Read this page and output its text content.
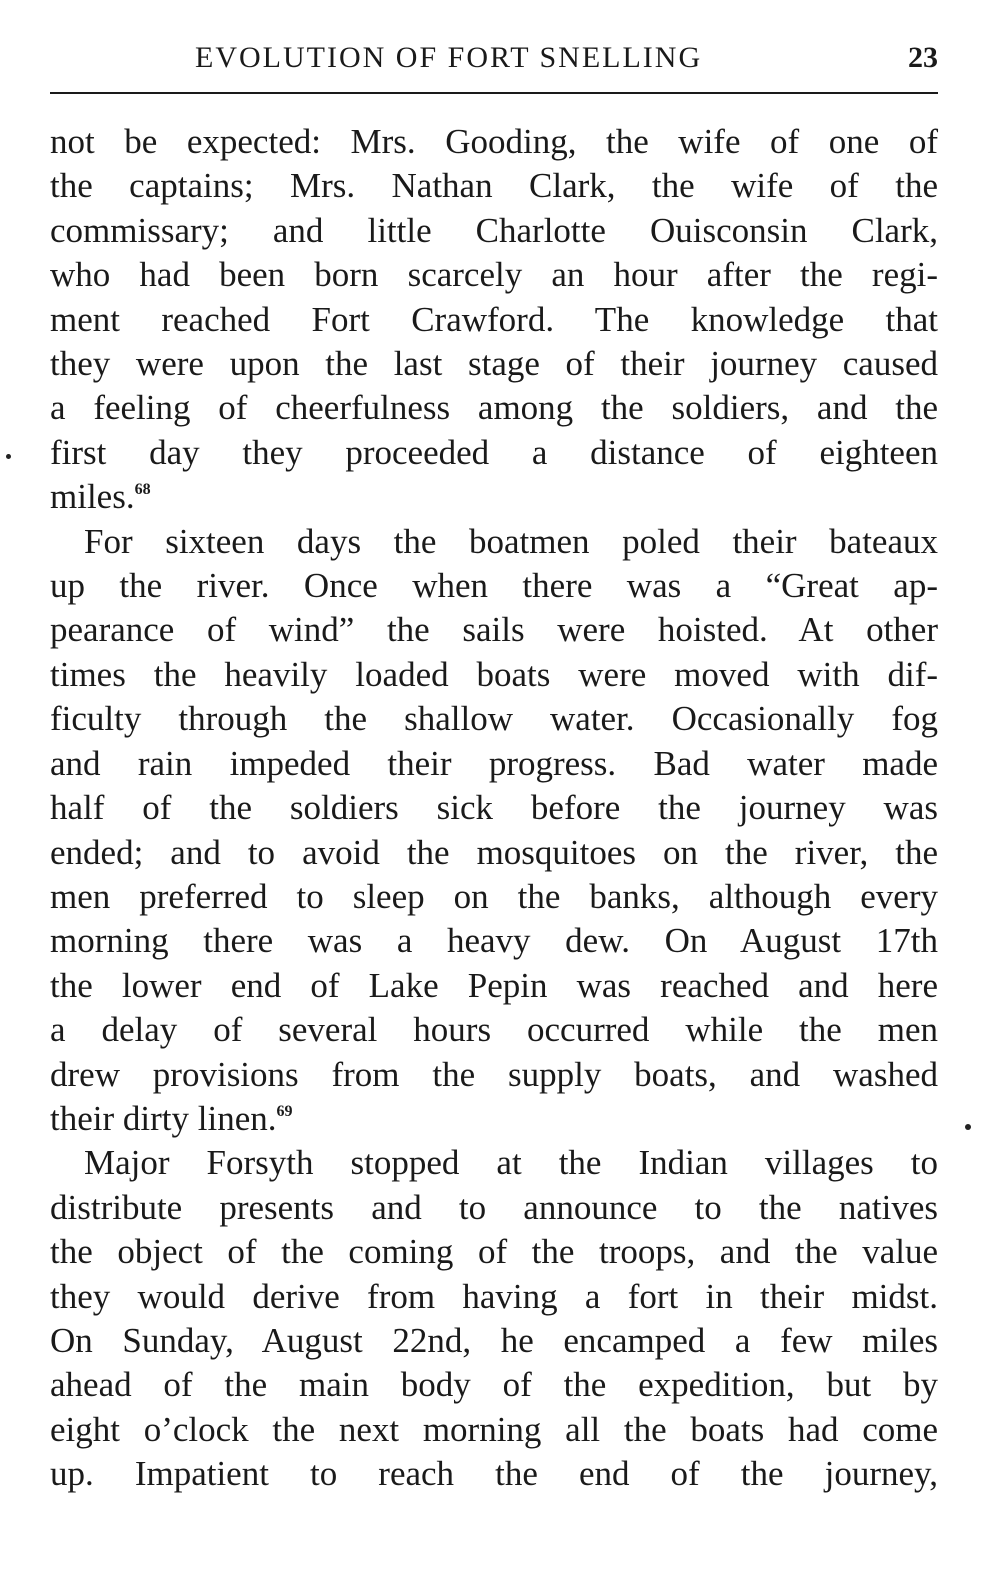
EVOLUTION OF FORT SNELLING	23

not be expected: Mrs. Gooding, the wife of one of
the captains; Mrs. Nathan Clark, the wife of the
commissary; and little Charlotte Ouisconsin Clark,
who had been born scarcely an hour after the regi-
ment reached Fort Crawford. The knowledge that
they were upon the last stage of their journey caused
a feeling of cheerfulness among the soldiers, and the
first day they proceeded a distance of eighteen
miles.$^{68}$

For sixteen days the boatmen poled their bateaux
up the river. Once when there was a “Great ap-
pearance of wind” the sails were hoisted. At other
times the heavily loaded boats were moved with dif-
ficulty through the shallow water. Occasionally fog
and rain impeded their progress. Bad water made
half of the soldiers sick before the journey was
ended; and to avoid the mosquitoes on the river, the
men preferred to sleep on the banks, although every
morning there was a heavy dew. On August 17th
the lower end of Lake Pepin was reached and here
a delay of several hours occurred while the men
drew provisions from the supply boats, and washed
their dirty linen.$^{69}$

Major Forsyth stopped at the Indian villages to
distribute presents and to announce to the natives
the object of the coming of the troops, and the value
they would derive from having a fort in their midst.
On Sunday, August 22nd, he encamped a few miles
ahead of the main body of the expedition, but by
eight o’clock the next morning all the boats had come
up. Impatient to reach the end of the journey,
